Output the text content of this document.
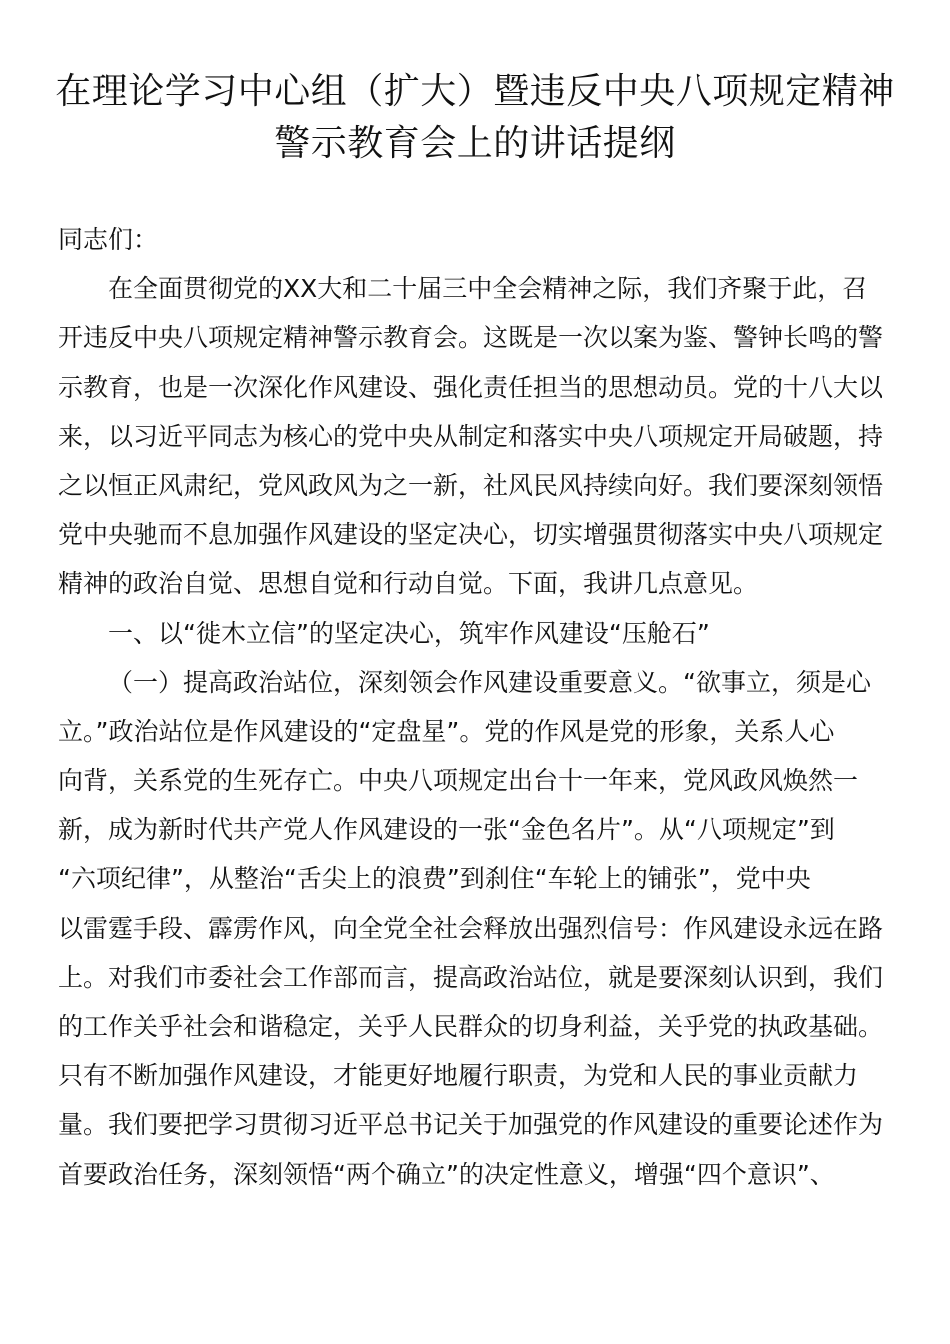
在理论学习中心组（扩大）暨违反中央八项规定精神
警示教育会上的讲话提纲
同志们：
在全面贯彻党的XX大和二十届三中全会精神之际，我们齐聚于此，召
开违反中央八项规定精神警示教育会。这既是一次以案为鉴、警钟长鸣的警
示教育，也是一次深化作风建设、强化责任担当的思想动员。党的十八大以
来，以习近平同志为核心的党中央从制定和落实中央八项规定开局破题，持
之以恒正风肃纪，党风政风为之一新，社风民风持续向好。我们要深刻领悟
党中央驰而不息加强作风建设的坚定决心，切实增强贯彻落实中央八项规定
精神的政治自觉、思想自觉和行动自觉。下面，我讲几点意见。
一、以“徙木立信”的坚定决心，筑牢作风建设“压舱石”
（一）提高政治站位，深刻领会作风建设重要意义。“欲事立，须是心
立。”政治站位是作风建设的“定盘星”。党的作风是党的形象，关系人心
向背，关系党的生死存亡。中央八项规定出台十一年来，党风政风焕然一
新，成为新时代共产党人作风建设的一张“金色名片”。从“八项规定”到
“六项纪律”，从整治“舌尖上的浪费”到刹住“车轮上的铺张”，党中央
以雷霆手段、霹雳作风，向全党全社会释放出强烈信号：作风建设永远在路
上。对我们市委社会工作部而言，提高政治站位，就是要深刻认识到，我们
的工作关乎社会和谐稳定，关乎人民群众的切身利益，关乎党的执政基础。
只有不断加强作风建设，才能更好地履行职责，为党和人民的事业贡献力
量。我们要把学习贯彻习近平总书记关于加强党的作风建设的重要论述作为
首要政治任务，深刻领悟“两个确立”的决定性意义，增强“四个意识”、
